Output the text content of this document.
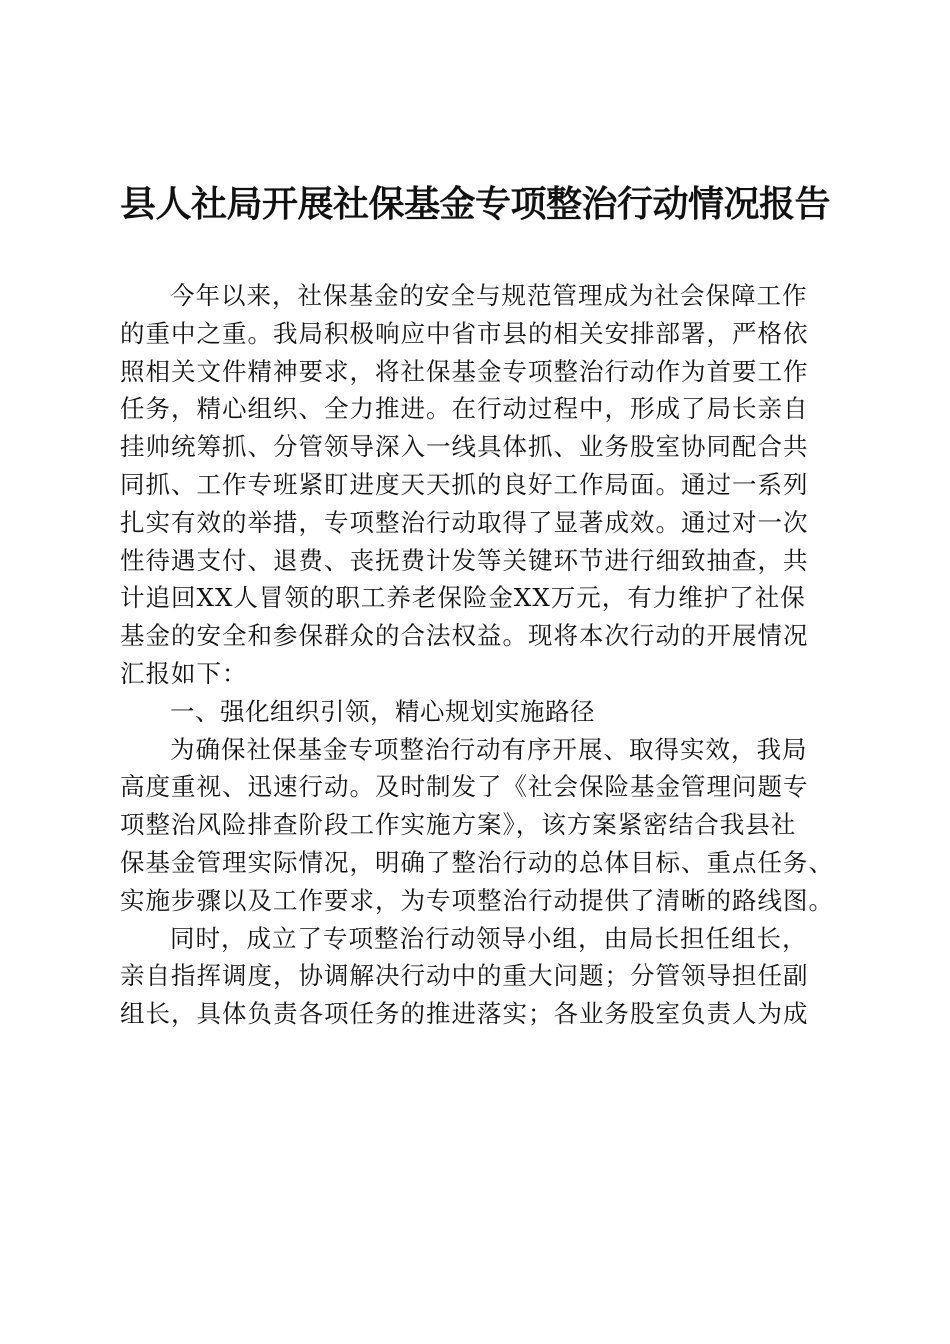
县人社局开展社保基金专项整治行动情况报告
今年以来，社保基金的安全与规范管理成为社会保障工作
的重中之重。我局积极响应中省市县的相关安排部署，严格依
照相关文件精神要求，将社保基金专项整治行动作为首要工作
任务，精心组织、全力推进。在行动过程中，形成了局长亲自
挂帅统筹抓、分管领导深入一线具体抓、业务股室协同配合共
同抓、工作专班紧盯进度天天抓的良好工作局面。通过一系列
扎实有效的举措，专项整治行动取得了显著成效。通过对一次
性待遇支付、退费、丧抚费计发等关键环节进行细致抽查，共
计追回XX人冒领的职工养老保险金XX万元，有力维护了社保
基金的安全和参保群众的合法权益。现将本次行动的开展情况
汇报如下：
一、强化组织引领，精心规划实施路径
为确保社保基金专项整治行动有序开展、取得实效，我局
高度重视、迅速行动。及时制发了《社会保险基金管理问题专
项整治风险排查阶段工作实施方案》，该方案紧密结合我县社
保基金管理实际情况，明确了整治行动的总体目标、重点任务、
实施步骤以及工作要求，为专项整治行动提供了清晰的路线图。
同时，成立了专项整治行动领导小组，由局长担任组长，
亲自指挥调度，协调解决行动中的重大问题；分管领导担任副
组长，具体负责各项任务的推进落实；各业务股室负责人为成
